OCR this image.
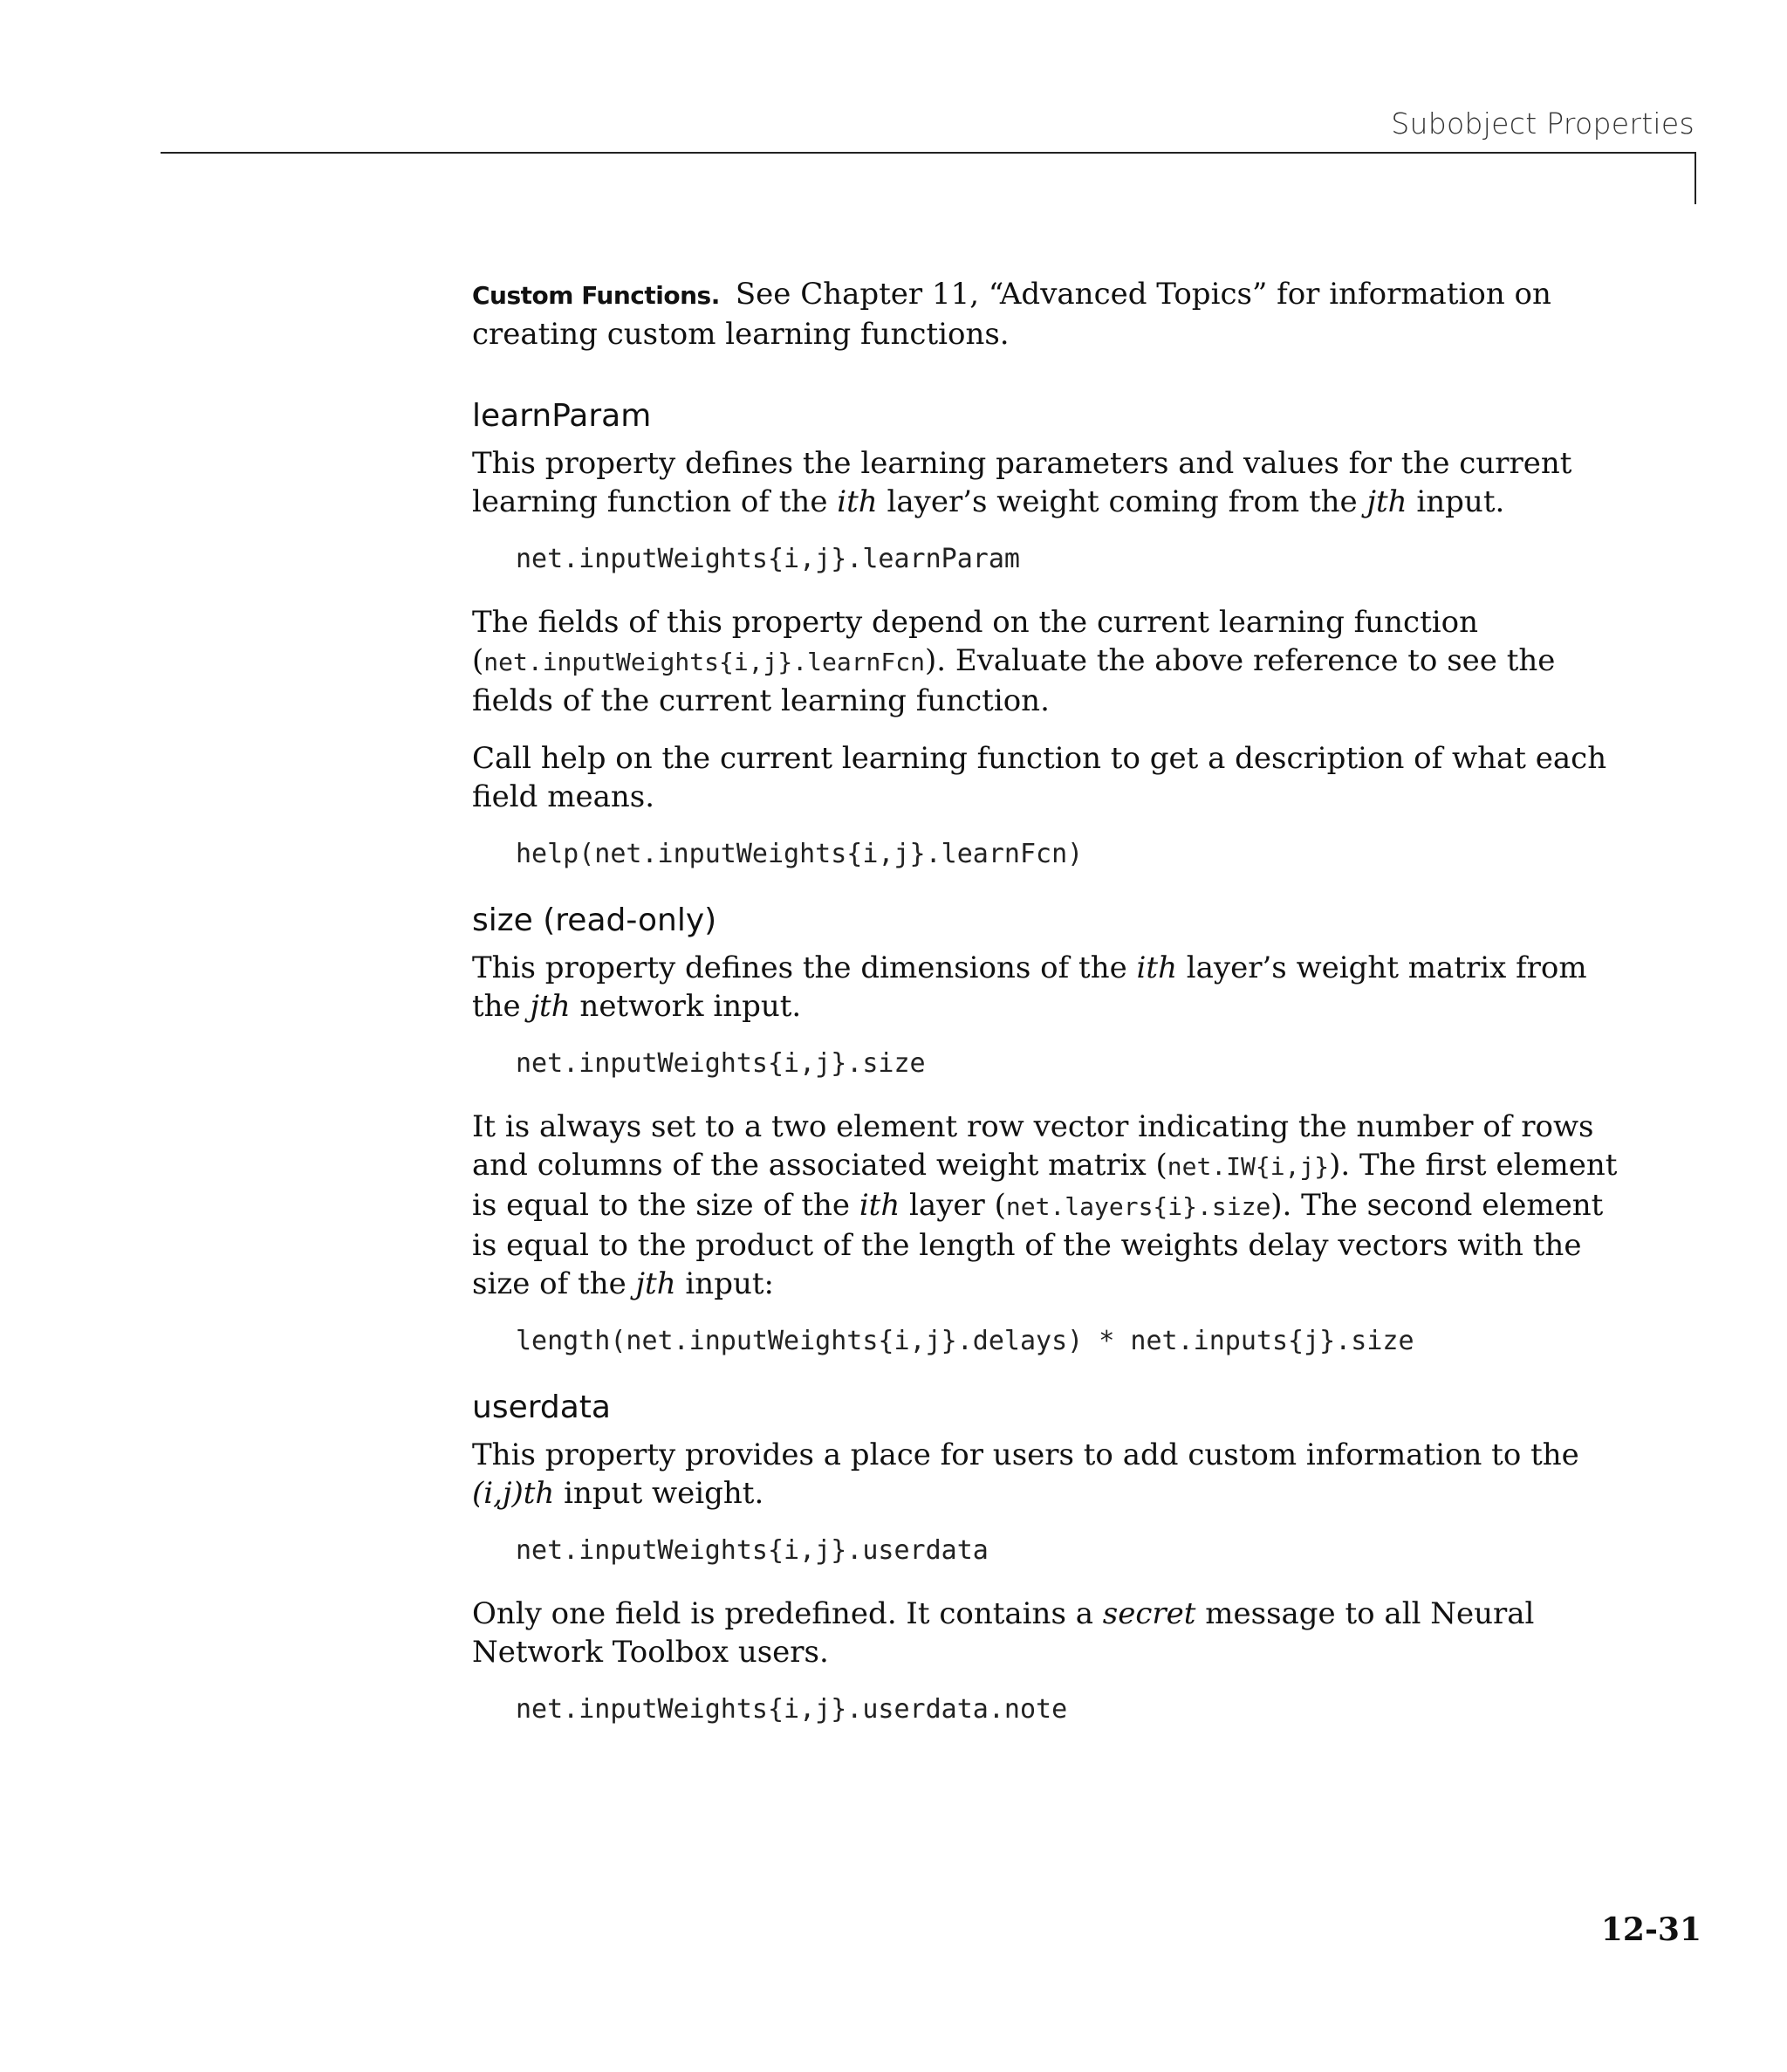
Subobject Properties

Custom Functions. See Chapter 11, “Advanced Topics” for information on creating custom learning functions.

learnParam

This property defines the learning parameters and values for the current learning function of the ith layer’s weight coming from the jth input.

net.inputWeights{i,j}.learnParam

The fields of this property depend on the current learning function (net.inputWeights{i,j}.learnFcn). Evaluate the above reference to see the fields of the current learning function.

Call help on the current learning function to get a description of what each field means.

help(net.inputWeights{i,j}.learnFcn)
size (read-only)

This property defines the dimensions of the ith layer’s weight matrix from the jth network input.

net.inputWeights{i,j}.size

It is always set to a two element row vector indicating the number of rows and columns of the associated weight matrix (net.IW{i,j}). The first element is equal to the size of the ith layer (net.layers{i}.size). The second element is equal to the product of the length of the weights delay vectors with the size of the jth input:

length(net.inputWeights{i,j}.delays) * net.inputs{j}.size
userdata

This property provides a place for users to add custom information to the (i,j)th input weight.

net.inputWeights{i,j}.userdata

Only one field is predefined. It contains a secret message to all Neural Network Toolbox users.

net.inputWeights{i,j}.userdata.note
12-31
